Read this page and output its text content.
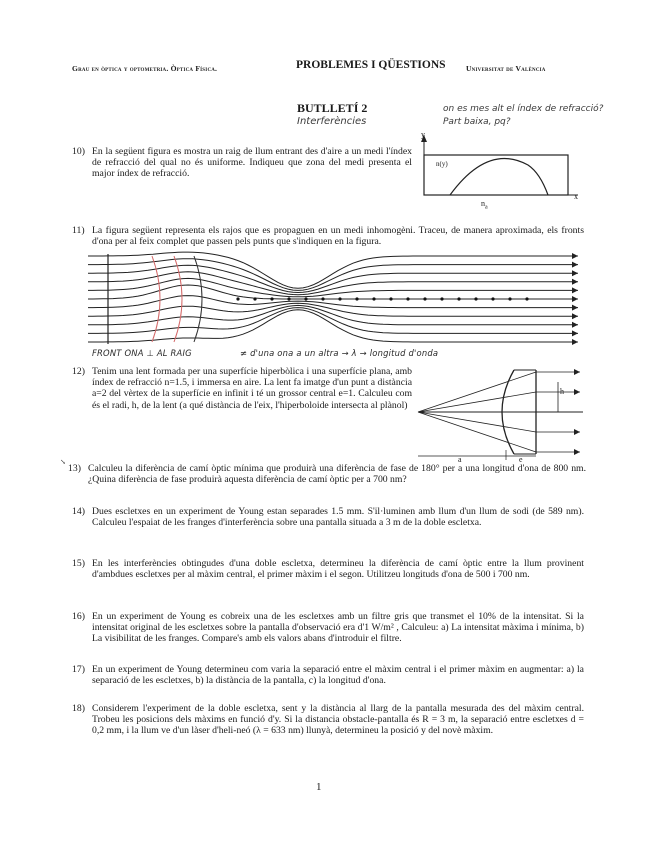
Grau en òptica y optometria. Òptica Física.	PROBLEMES I QÜESTIONS	Universitat de València
BUTLLETÍ 2
Interferències
on es mes alt el índex de refracció?
Part baixa, pq?
10) En la següent figura es mostra un raig de llum entrant des d'aire a un medi l'índex de refracció del qual no és uniforme. Indiqueu que zona del medi presenta el major índex de refracció.
y
n(y)
$n_a$
x
11) La figura següent representa els rajos que es propaguen en un medi inhomogèni. Traceu, de manera aproximada, els fronts d'ona per al feix complet que passen pels punts que s'indiquen en la figura.
FRONT ONA ⊥ AL RAIG	≠ d'una ona a un altra → λ → longitud d'onda
12) Tenim una lent formada per una superfície hiperbòlica i una superfície plana, amb índex de refracció n=1.5, i immersa en aire. La lent fa imatge d'un punt a distància a=2 del vèrtex de la superfície en infinit i té un grossor central e=1. Calculeu com és el radi, h, de la lent (a qué distància de l'eix, l'hiperboloide intersecta al plànol)
h
a	e
↘
13) Calculeu la diferència de camí òptic mínima que produirà una diferència de fase de 180° per a una longitud d'ona de 800 nm. ¿Quina diferència de fase produirà aquesta diferència de camí òptic per a 700 nm?
14) Dues escletxes en un experiment de Young estan separades 1.5 mm. S'il·luminen amb llum d'un llum de sodi (de 589 nm). Calculeu l'espaiat de les franges d'interferència sobre una pantalla situada a 3 m de la doble escletxa.
15) En les interferències obtingudes d'una doble escletxa, determineu la diferència de camí òptic entre la llum provinent d'ambdues escletxes per al màxim central, el primer màxim i el segon. Utilitzeu longituds d'ona de 500 i 700 nm.
16) En un experiment de Young es cobreix una de les escletxes amb un filtre gris que transmet el 10% de la intensitat. Si la intensitat original de les escletxes sobre la pantalla d'observació era d'1 W/m² , Calculeu: a) La intensitat màxima i mínima, b) La visibilitat de les franges. Compare's amb els valors abans d'introduir el filtre.
17) En un experiment de Young determineu com varia la separació entre el màxim central i el primer màxim en augmentar: a) la separació de les escletxes, b) la distància de la pantalla, c) la longitud d'ona.
18) Considerem l'experiment de la doble escletxa, sent y la distància al llarg de la pantalla mesurada des del màxim central. Trobeu les posicions dels màxims en funció d'y. Si la distancia obstacle-pantalla és R = 3 m, la separació entre escletxes d = 0,2 mm, i la llum ve d'un làser d'heli-neó (λ = 633 nm) llunyà, determineu la posició y del novè màxim.
1
